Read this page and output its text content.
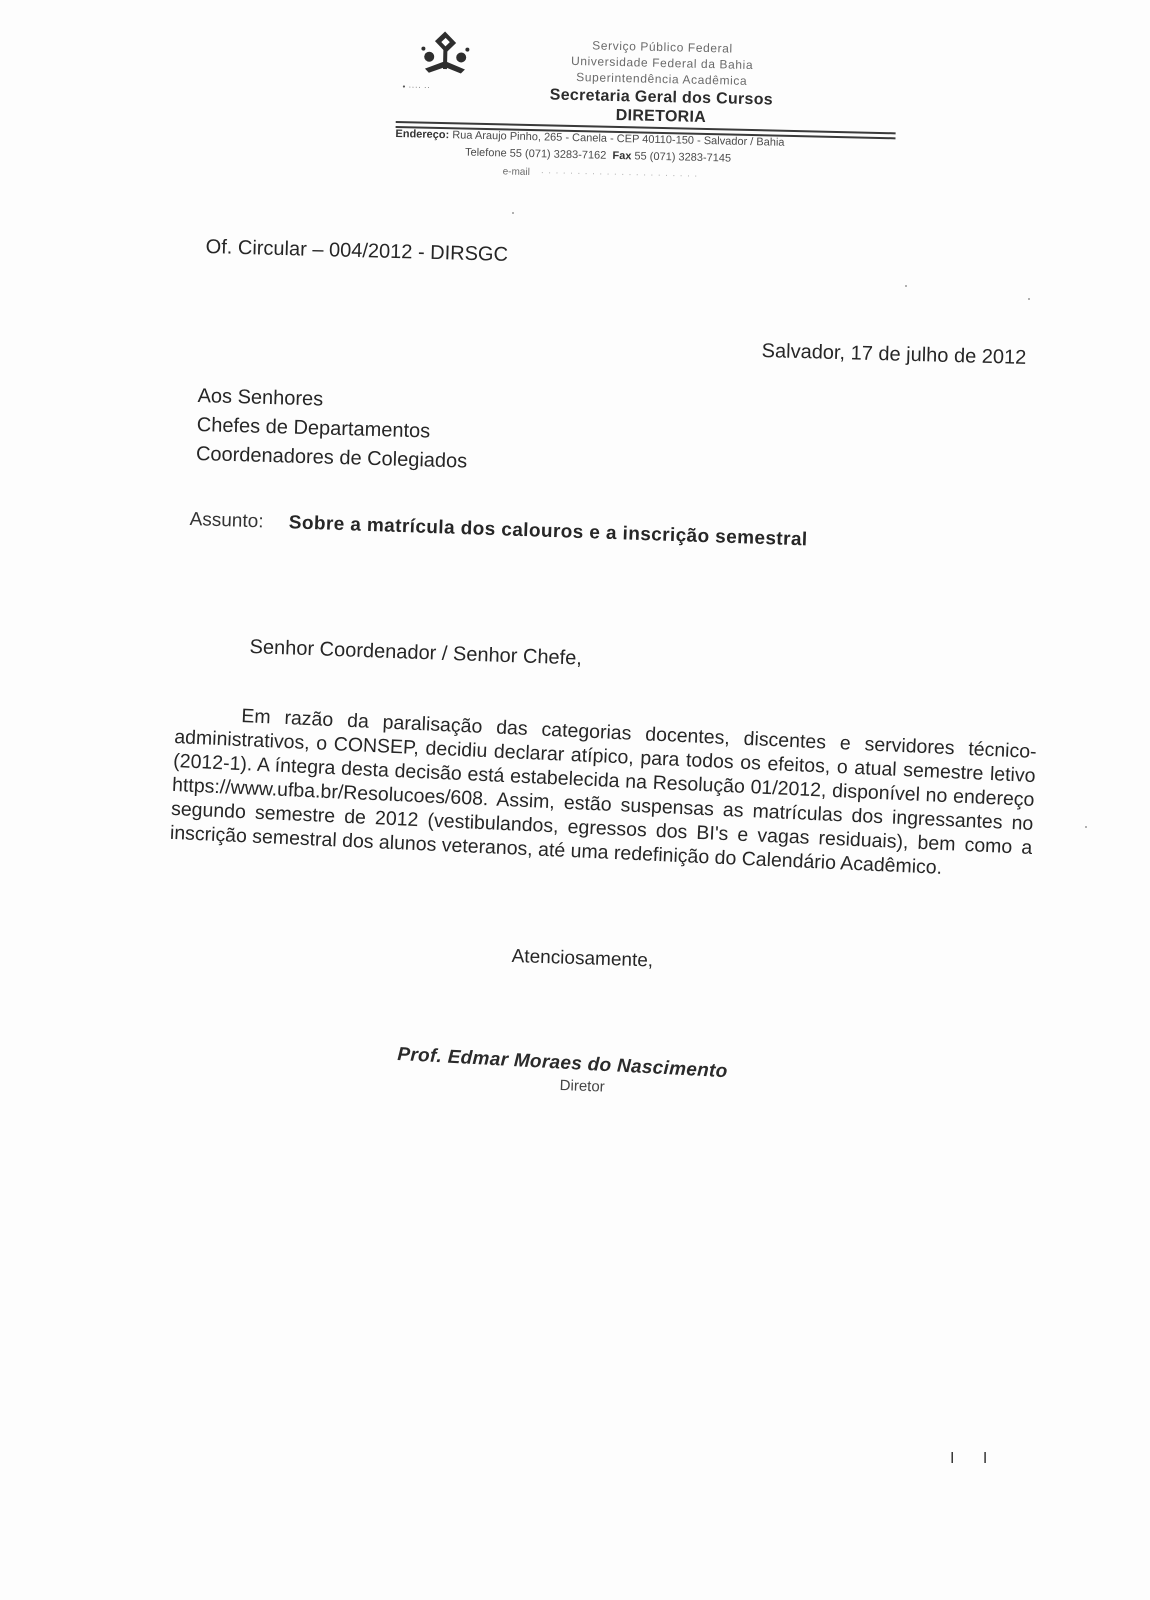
• ···· ··
Serviço Público Federal
Universidade Federal da Bahia
Superintendência Acadêmica
Secretaria Geral dos Cursos
DIRETORIA
Endereço: Rua Araujo Pinho, 265 - Canela - CEP 40110-150 - Salvador / Bahia
Telefone 55 (071) 3283-7162 Fax 55 (071) 3283-7145
e-mail · · · · · · · · · · · · · · · · · · · · · ·
Of. Circular – 004/2012 - DIRSGC
Salvador, 17 de julho de 2012
Aos Senhores
Chefes de Departamentos
Coordenadores de Colegiados
Assunto: Sobre a matrícula dos calouros e a inscrição semestral
Senhor Coordenador / Senhor Chefe,
Em razão da paralisação das categorias docentes, discentes e servidores técnico-administrativos, o CONSEP, decidiu declarar atípico, para todos os efeitos, o atual semestre letivo (2012-1). A íntegra desta decisão está estabelecida na Resolução 01/2012, disponível no endereço https://www.ufba.br/Resolucoes/608. Assim, estão suspensas as matrículas dos ingressantes no segundo semestre de 2012 (vestibulandos, egressos dos BI's e vagas residuais), bem como a inscrição semestral dos alunos veteranos, até uma redefinição do Calendário Acadêmico.
Atenciosamente,
Prof. Edmar Moraes do Nascimento
Diretor
I I
